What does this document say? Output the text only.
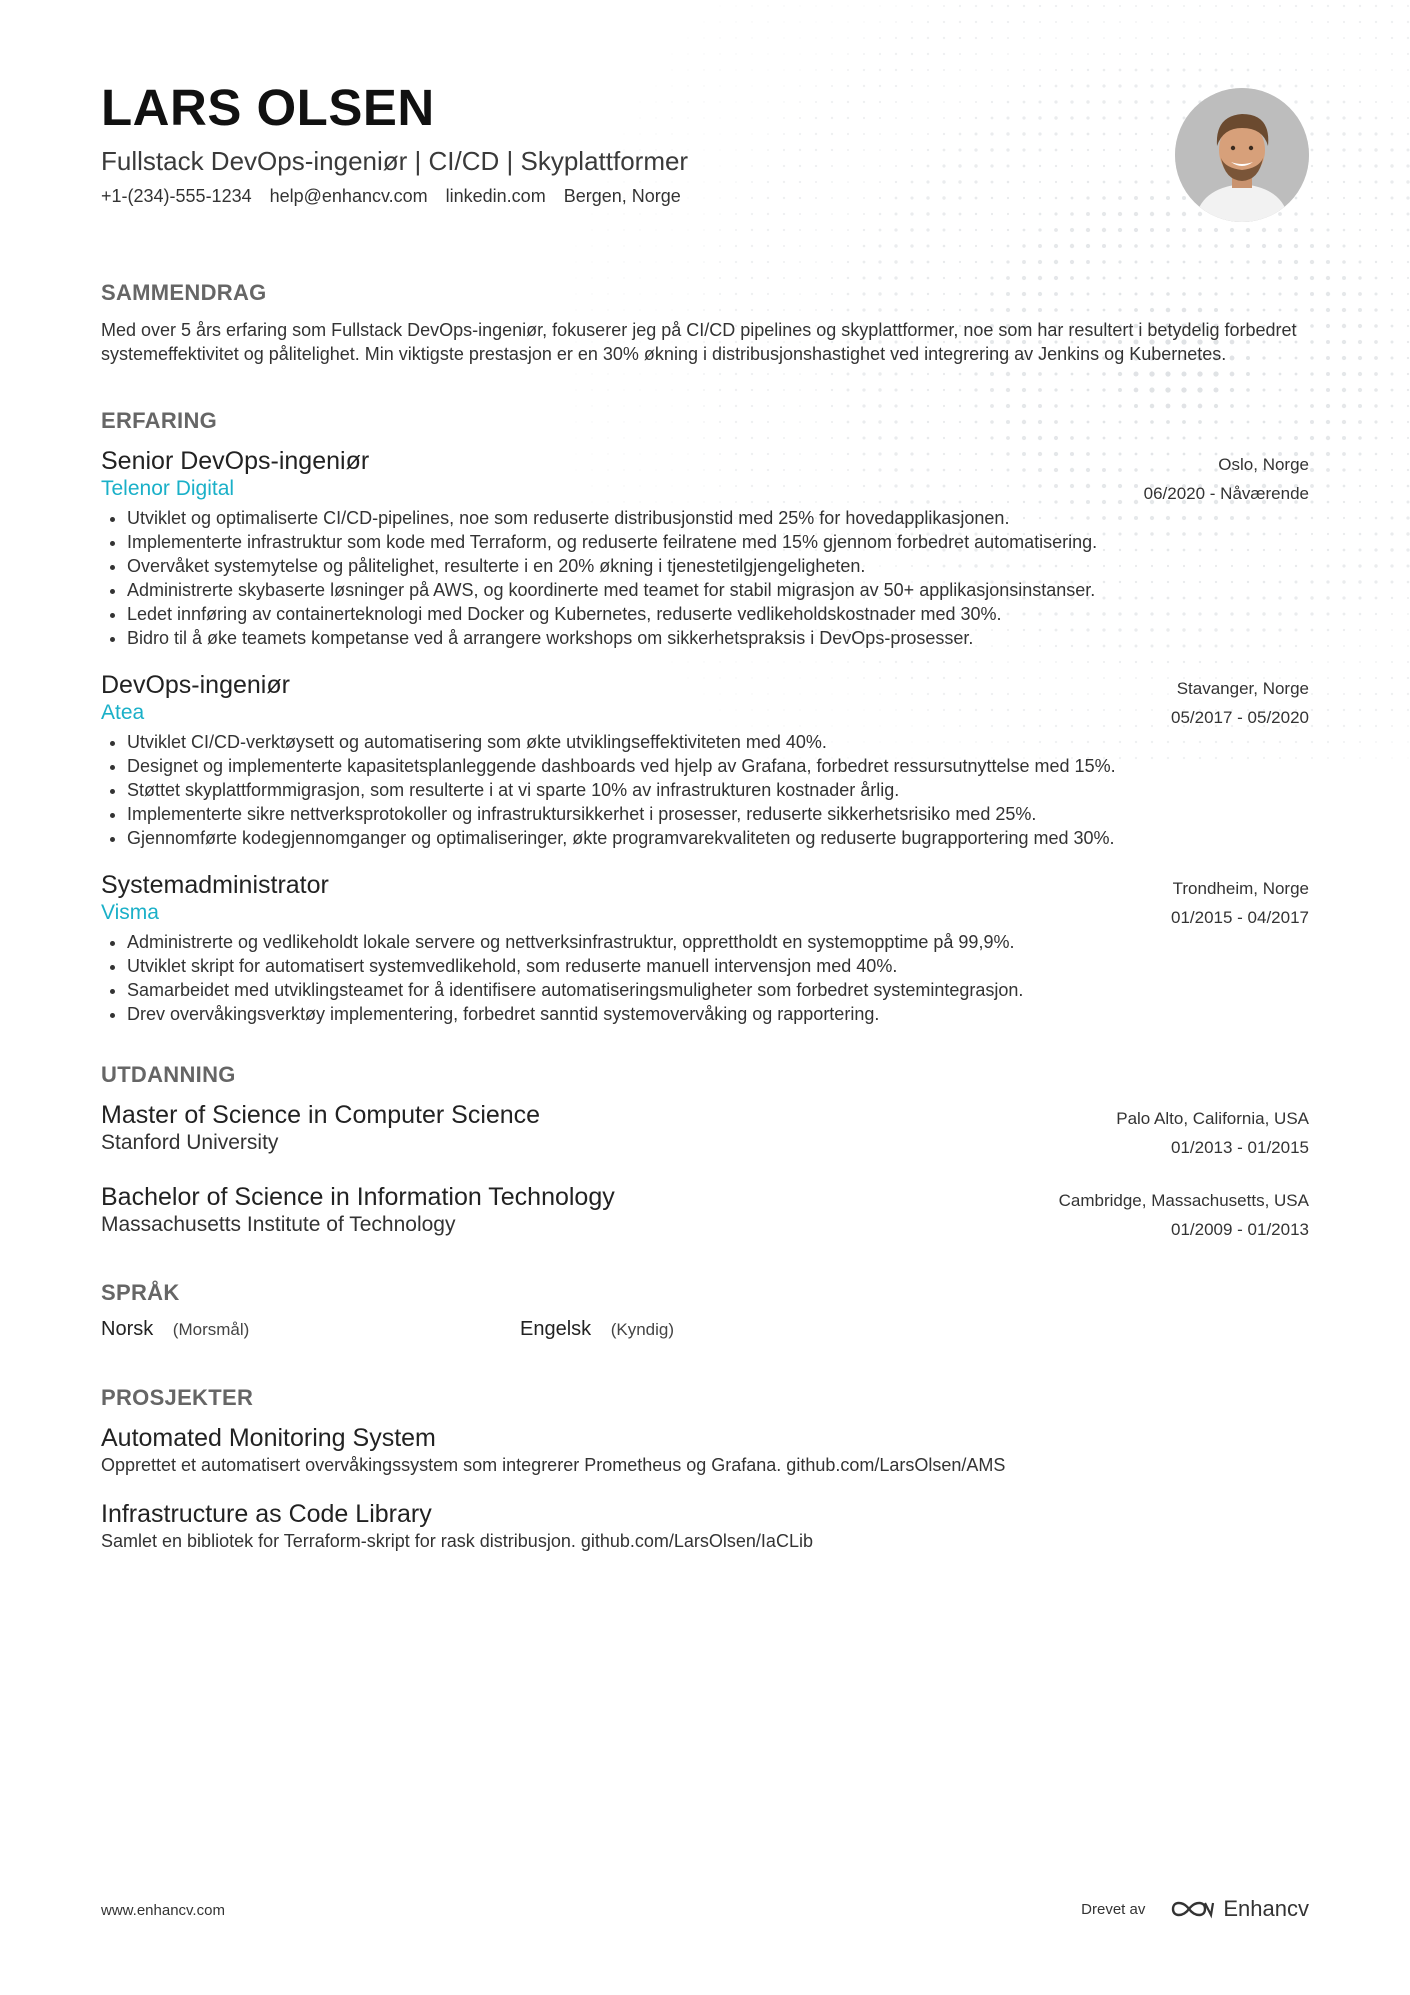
LARS OLSEN
Fullstack DevOps-ingeniør | CI/CD | Skyplattformer
+1-(234)-555-1234 help@enhancv.com linkedin.com Bergen, Norge
SAMMENDRAG

Med over 5 års erfaring som Fullstack DevOps-ingeniør, fokuserer jeg på CI/CD pipelines og skyplattformer, noe som har resultert i betydelig forbedret systemeffektivitet og pålitelighet. Min viktigste prestasjon er en 30% økning i distribusjonshastighet ved integrering av Jenkins og Kubernetes.

ERFARING
Senior DevOps-ingeniør
Telenor Digital
Oslo, Norge
06/2020 - Nåværende
• Utviklet og optimaliserte CI/CD-pipelines, noe som reduserte distribusjonstid med 25% for hovedapplikasjonen.
• Implementerte infrastruktur som kode med Terraform, og reduserte feilratene med 15% gjennom forbedret automatisering.
• Overvåket systemytelse og pålitelighet, resulterte i en 20% økning i tjenestetilgjengeligheten.
• Administrerte skybaserte løsninger på AWS, og koordinerte med teamet for stabil migrasjon av 50+ applikasjonsinstanser.
• Ledet innføring av containerteknologi med Docker og Kubernetes, reduserte vedlikeholdskostnader med 30%.
• Bidro til å øke teamets kompetanse ved å arrangere workshops om sikkerhetspraksis i DevOps-prosesser.
DevOps-ingeniør
Atea
Stavanger, Norge
05/2017 - 05/2020
• Utviklet CI/CD-verktøysett og automatisering som økte utviklingseffektiviteten med 40%.
• Designet og implementerte kapasitetsplanleggende dashboards ved hjelp av Grafana, forbedret ressursutnyttelse med 15%.
• Støttet skyplattformmigrasjon, som resulterte i at vi sparte 10% av infrastrukturen kostnader årlig.
• Implementerte sikre nettverksprotokoller og infrastruktursikkerhet i prosesser, reduserte sikkerhetsrisiko med 25%.
• Gjennomførte kodegjennomganger og optimaliseringer, økte programvarekvaliteten og reduserte bugrapportering med 30%.
Systemadministrator
Visma
Trondheim, Norge
01/2015 - 04/2017
• Administrerte og vedlikeholdt lokale servere og nettverksinfrastruktur, opprettholdt en systemopptime på 99,9%.
• Utviklet skript for automatisert systemvedlikehold, som reduserte manuell intervensjon med 40%.
• Samarbeidet med utviklingsteamet for å identifisere automatiseringsmuligheter som forbedret systemintegrasjon.
• Drev overvåkingsverktøy implementering, forbedret sanntid systemovervåking og rapportering.
UTDANNING
Master of Science in Computer Science
Stanford University
Palo Alto, California, USA
01/2013 - 01/2015
Bachelor of Science in Information Technology
Massachusetts Institute of Technology
Cambridge, Massachusetts, USA
01/2009 - 01/2013
SPRÅK
Norsk (Morsmål)	Engelsk (Kyndig)
PROSJEKTER
Automated Monitoring System
Opprettet et automatisert overvåkingssystem som integrerer Prometheus og Grafana. github.com/LarsOlsen/AMS
Infrastructure as Code Library
Samlet en bibliotek for Terraform-skript for rask distribusjon. github.com/LarsOlsen/IaCLib
www.enhancv.com	Drevet av	Enhancv
